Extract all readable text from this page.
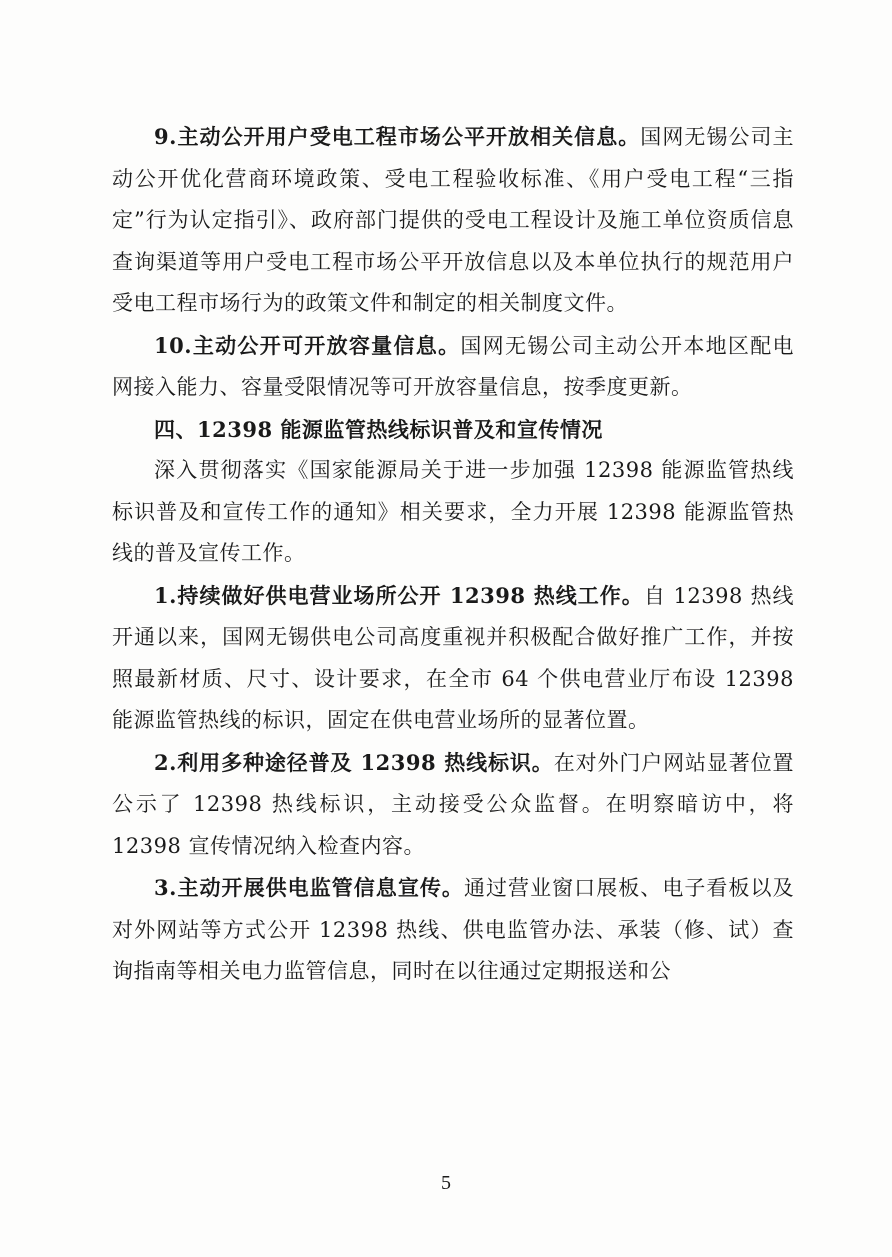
9.主动公开用户受电工程市场公平开放相关信息。国网无锡公司主动公开优化营商环境政策、受电工程验收标准、《用户受电工程“三指定”行为认定指引》、政府部门提供的受电工程设计及施工单位资质信息查询渠道等用户受电工程市场公平开放信息以及本单位执行的规范用户受电工程市场行为的政策文件和制定的相关制度文件。

10.主动公开可开放容量信息。国网无锡公司主动公开本地区配电网接入能力、容量受限情况等可开放容量信息，按季度更新。

四、12398 能源监管热线标识普及和宣传情况

深入贯彻落实《国家能源局关于进一步加强 12398 能源监管热线标识普及和宣传工作的通知》相关要求，全力开展 12398 能源监管热线的普及宣传工作。

1.持续做好供电营业场所公开 12398 热线工作。自 12398 热线开通以来，国网无锡供电公司高度重视并积极配合做好推广工作，并按照最新材质、尺寸、设计要求，在全市 64 个供电营业厅布设 12398 能源监管热线的标识，固定在供电营业场所的显著位置。

2.利用多种途径普及 12398 热线标识。在对外门户网站显著位置公示了 12398 热线标识，主动接受公众监督。在明察暗访中，将 12398 宣传情况纳入检查内容。

3.主动开展供电监管信息宣传。通过营业窗口展板、电子看板以及对外网站等方式公开 12398 热线、供电监管办法、承装（修、试）查询指南等相关电力监管信息，同时在以往通过定期报送和公

5
